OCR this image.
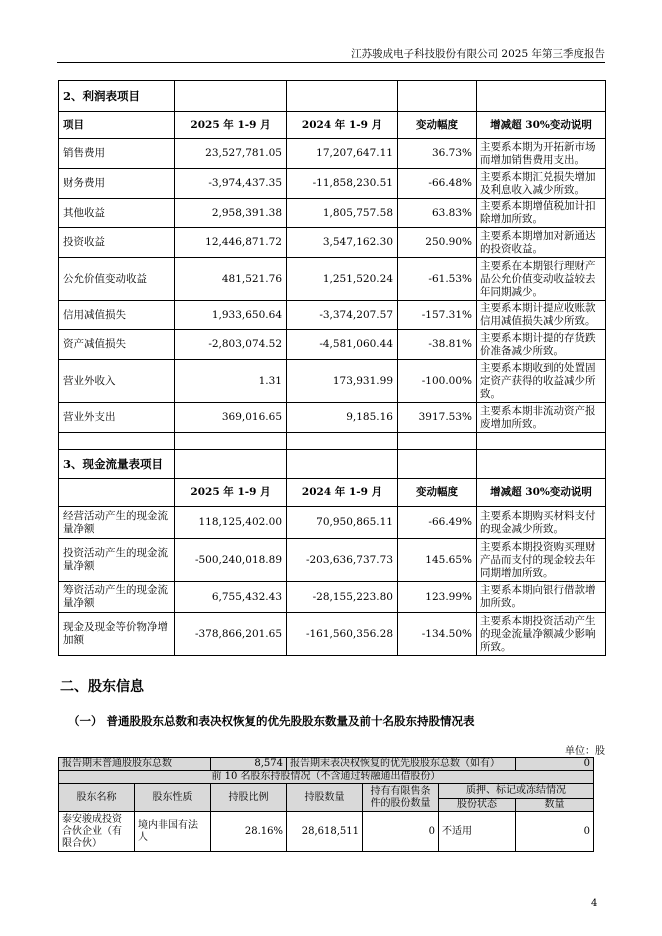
江苏骏成电子科技股份有限公司 2025 年第三季度报告
2、利润表项目				
项目	2025 年 1-9 月	2024 年 1-9 月	变动幅度	增减超 30%变动说明
销售费用	23,527,781.05	17,207,647.11	36.73%	主要系本期为开拓新市场而增加销售费用支出。
财务费用	-3,974,437.35	-11,858,230.51	-66.48%	主要系本期汇兑损失增加及利息收入减少所致。
其他收益	2,958,391.38	1,805,757.58	63.83%	主要系本期增值税加计扣除增加所致。
投资收益	12,446,871.72	3,547,162.30	250.90%	主要系本期增加对新通达的投资收益。
公允价值变动收益	481,521.76	1,251,520.24	-61.53%	主要系在本期银行理财产品公允价值变动收益较去年同期减少。
信用减值损失	1,933,650.64	-3,374,207.57	-157.31%	主要系本期计提应收账款信用减值损失减少所致。
资产减值损失	-2,803,074.52	-4,581,060.44	-38.81%	主要系本期计提的存货跌价准备减少所致。
营业外收入	1.31	173,931.99	-100.00%	主要系本期收到的处置固定资产获得的收益减少所致。
营业外支出	369,016.65	9,185.16	3917.53%	主要系本期非流动资产报废增加所致。

3、现金流量表项目				
	2025 年 1-9 月	2024 年 1-9 月	变动幅度	增减超 30%变动说明
经营活动产生的现金流量净额	118,125,402.00	70,950,865.11	-66.49%	主要系本期购买材料支付的现金减少所致。
投资活动产生的现金流量净额	-500,240,018.89	-203,636,737.73	145.65%	主要系本期投资购买理财产品而支付的现金较去年同期增加所致。
筹资活动产生的现金流量净额	6,755,432.43	-28,155,223.80	123.99%	主要系本期向银行借款增加所致。
现金及现金等价物净增加额	-378,866,201.65	-161,560,356.28	-134.50%	主要系本期投资活动产生的现金流量净额减少影响所致。
二、股东信息
（一） 普通股股东总数和表决权恢复的优先股股东数量及前十名股东持股情况表
单位：股
报告期末普通股股东总数		8,574	报告期末表决权恢复的优先股股东总数（如有）			0
前 10 名股东持股情况（不含通过转融通出借股份）						
股东名称	股东性质	持股比例	持股数量	持有有限售条件的股份数量	质押、标记或冻结情况	
					股份状态	数量
泰安骏成投资合伙企业（有限合伙）	境内非国有法人	28.16%	28,618,511	0	不适用	0
4
